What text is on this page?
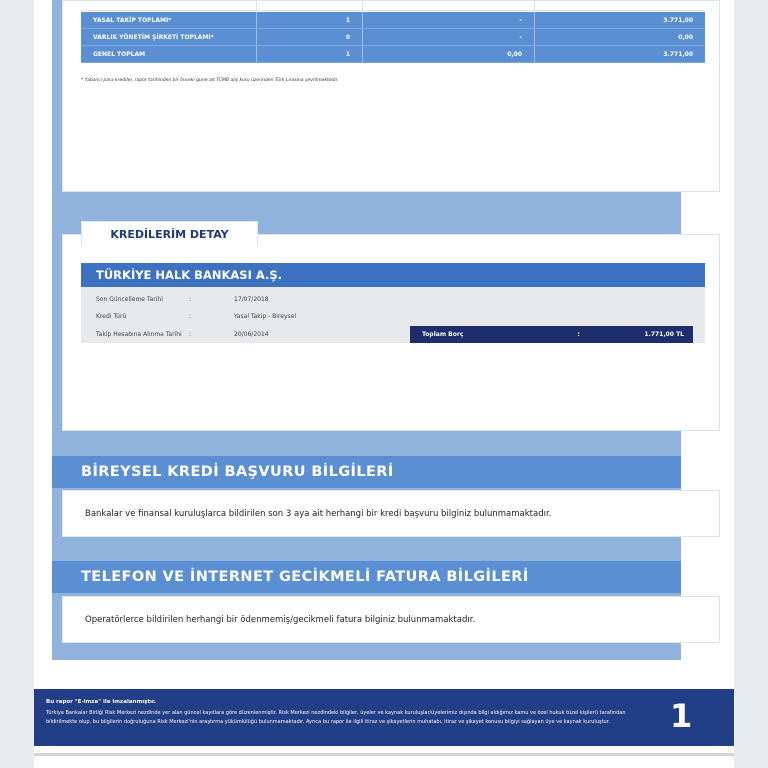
YASAL TAKİP TOPLAMI*	1	-	3.771,00
VARLIK YÖNETİM ŞİRKETİ TOPLAMI*	0	-	0,00
GENEL TOPLAM	1	0,00	3.771,00
* Yabancı para krediler, rapor tarihinden bir önceki gune ait TCMB alış kuru üzerinden Türk Lirasına çevrilmektedir.
KREDİLERİM DETAY
TÜRKİYE HALK BANKASI A.Ş.
Son Güncelleme Tarihi	:	17/07/2018
Kredi Türü	:	Yasal Takip - Bireysel
Takip Hesabına Alınma Tarihi :	20/06/2014	Toplam Borç	:	1.771,00 TL
BİREYSEL KREDİ BAŞVURU BİLGİLERİ
Bankalar ve finansal kuruluşlarca bildirilen son 3 aya ait herhangi bir kredi başvuru bilginiz bulunmamaktadır.
TELEFON VE İNTERNET GECİKMELİ FATURA BİLGİLERİ
Operatörlerce bildirilen herhangi bir ödenmemiş/gecikmeli fatura bilginiz bulunmamaktadır.
Bu rapor "E-imza" ile imzalanmıştır.
Türkiye Bankalar Birliği Risk Merkezi nezdinde yer alan güncel kayıtlara göre düzenlenmiştir. Risk Merkezi nezdindeki bilgiler, üyeler ve kaynak kuruluşlar/üyelerimiz dışında bilgi aldığımız kamu ve özel hukuk tüzel kişileri) tarafından bildirilmekte olup, bu bilgilerin doğruluğuna Risk Merkezi'nin araştırma yükümlülüğü bulunmamaktadır. Ayrıca bu rapor ile ilgili itiraz ve şikayetlerin muhatabı, itiraz ve şikayet konusu bilgiyi sağlayan üye ve kaynak kuruluştur.	1
